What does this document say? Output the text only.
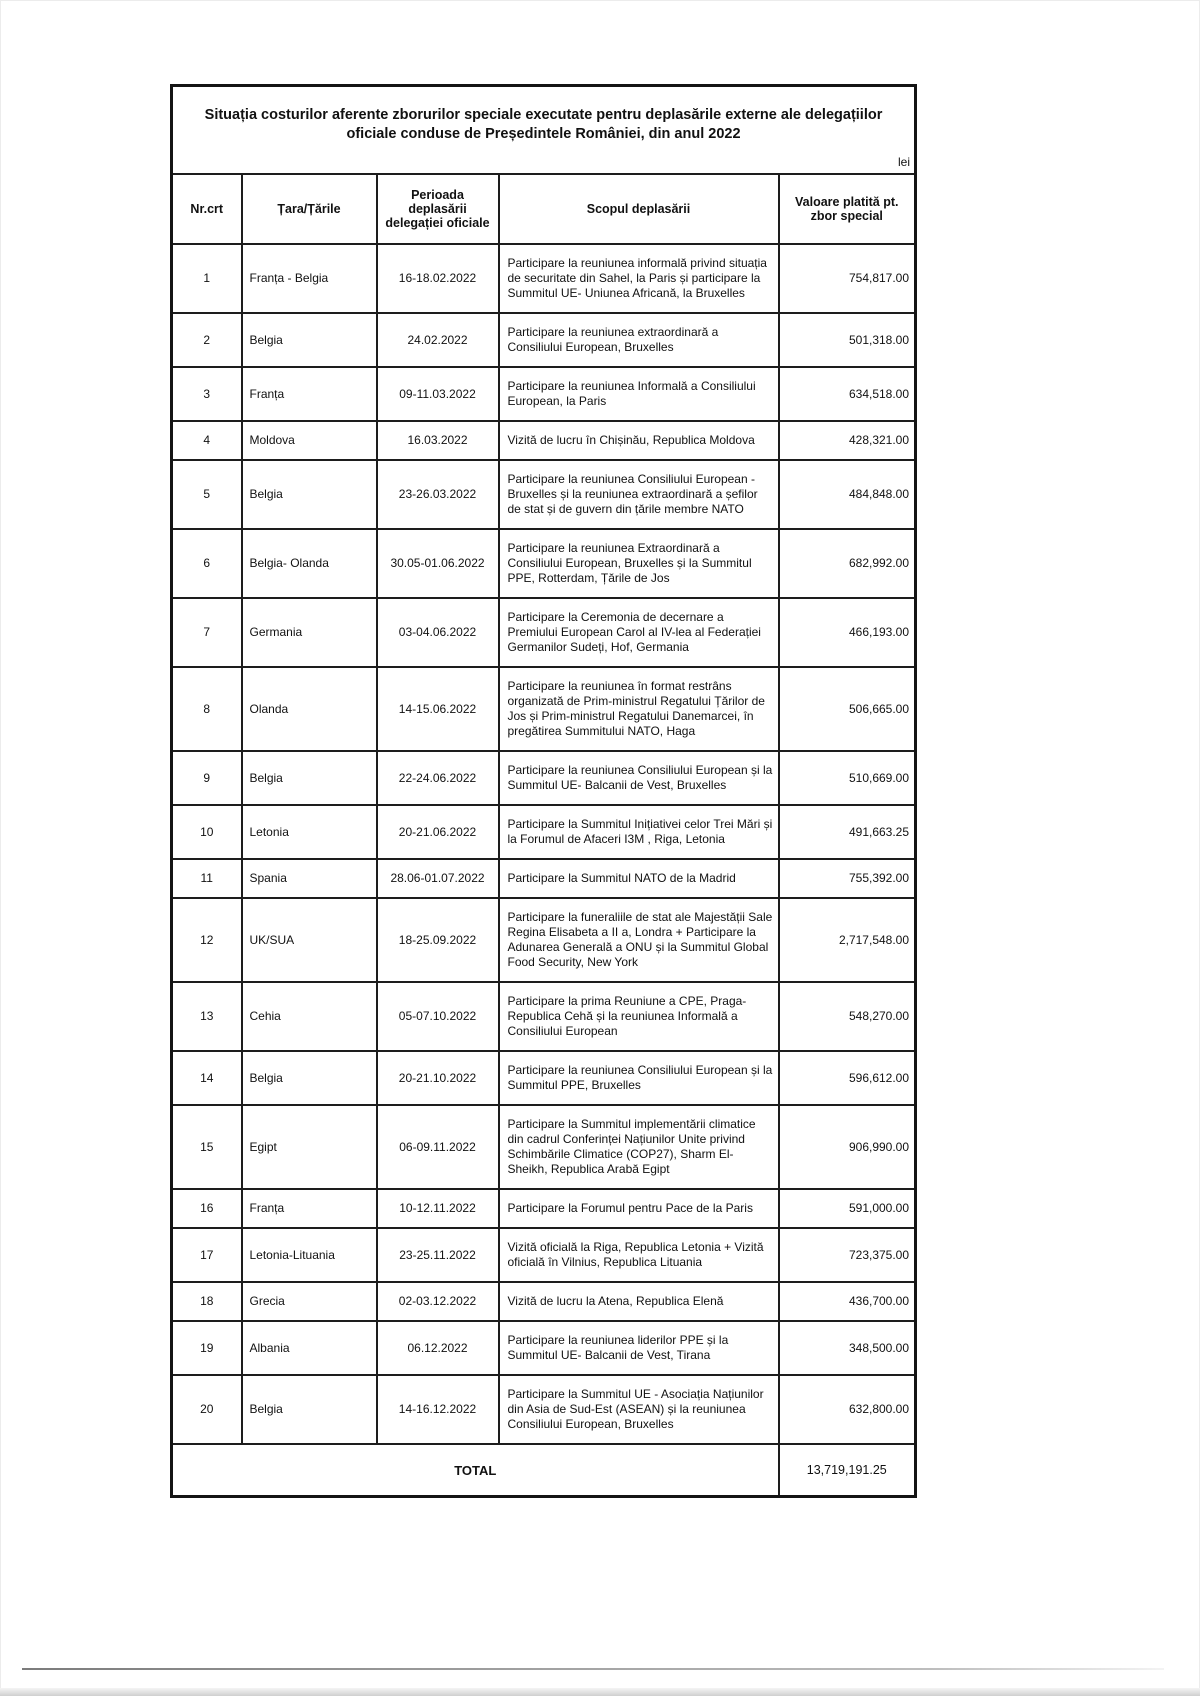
Situația costurilor aferente zborurilor speciale executate pentru deplasările externe ale delegațiilor oficiale conduse de Președintele României, din anul 2022
lei				

Nr.crt	Țara/Țările	Perioada deplasării delegației oficiale	Scopul deplasării	Valoare platită pt. zbor special
1	Franța - Belgia	16-18.02.2022	Participare la reuniunea informală privind situația de securitate din Sahel, la Paris și participare la Summitul UE- Uniunea Africană, la Bruxelles	754,817.00
2	Belgia	24.02.2022	Participare la reuniunea extraordinară a Consiliului European, Bruxelles	501,318.00
3	Franța	09-11.03.2022	Participare la reuniunea Informală a Consiliului European, la Paris	634,518.00
4	Moldova	16.03.2022	Vizită de lucru în Chișinău, Republica Moldova	428,321.00
5	Belgia	23-26.03.2022	Participare la reuniunea Consiliului European - Bruxelles și la reuniunea extraordinară a șefilor de stat și de guvern din țările membre NATO	484,848.00
6	Belgia- Olanda	30.05-01.06.2022	Participare la reuniunea Extraordinară a Consiliului European, Bruxelles și la Summitul PPE, Rotterdam, Țările de Jos	682,992.00
7	Germania	03-04.06.2022	Participare la Ceremonia de decernare a Premiului European Carol al IV-lea al Federației Germanilor Sudeți, Hof, Germania	466,193.00
8	Olanda	14-15.06.2022	Participare la reuniunea în format restrâns organizată de Prim-ministrul Regatului Țărilor de Jos și Prim-ministrul Regatului Danemarcei, în pregătirea Summitului NATO, Haga	506,665.00
9	Belgia	22-24.06.2022	Participare la reuniunea Consiliului European și la Summitul UE- Balcanii de Vest, Bruxelles	510,669.00
10	Letonia	20-21.06.2022	Participare la Summitul Inițiativei celor Trei Mări și la Forumul de Afaceri I3M , Riga, Letonia	491,663.25
11	Spania	28.06-01.07.2022	Participare la Summitul NATO de la Madrid	755,392.00
12	UK/SUA	18-25.09.2022	Participare la funeraliile de stat ale Majestății Sale Regina Elisabeta a II a, Londra + Participare la Adunarea Generală a ONU și la Summitul Global Food Security, New York	2,717,548.00
13	Cehia	05-07.10.2022	Participare la prima Reuniune a CPE, Praga- Republica Cehă și la reuniunea Informală a Consiliului European	548,270.00
14	Belgia	20-21.10.2022	Participare la reuniunea Consiliului European și la Summitul PPE, Bruxelles	596,612.00
15	Egipt	06-09.11.2022	Participare la Summitul implementării climatice din cadrul Conferinței Națiunilor Unite privind Schimbările Climatice (COP27), Sharm El-Sheikh, Republica Arabă Egipt	906,990.00
16	Franța	10-12.11.2022	Participare la Forumul pentru Pace de la Paris	591,000.00
17	Letonia-Lituania	23-25.11.2022	Vizită oficială la Riga, Republica Letonia + Vizită oficială în Vilnius, Republica Lituania	723,375.00
18	Grecia	02-03.12.2022	Vizită de lucru la Atena, Republica Elenă	436,700.00
19	Albania	06.12.2022	Participare la reuniunea liderilor PPE și la Summitul UE- Balcanii de Vest, Tirana	348,500.00
20	Belgia	14-16.12.2022	Participare la Summitul UE - Asociația Națiunilor din Asia de Sud-Est (ASEAN) și la reuniunea Consiliului European, Bruxelles	632,800.00
TOTAL				13,719,191.25
